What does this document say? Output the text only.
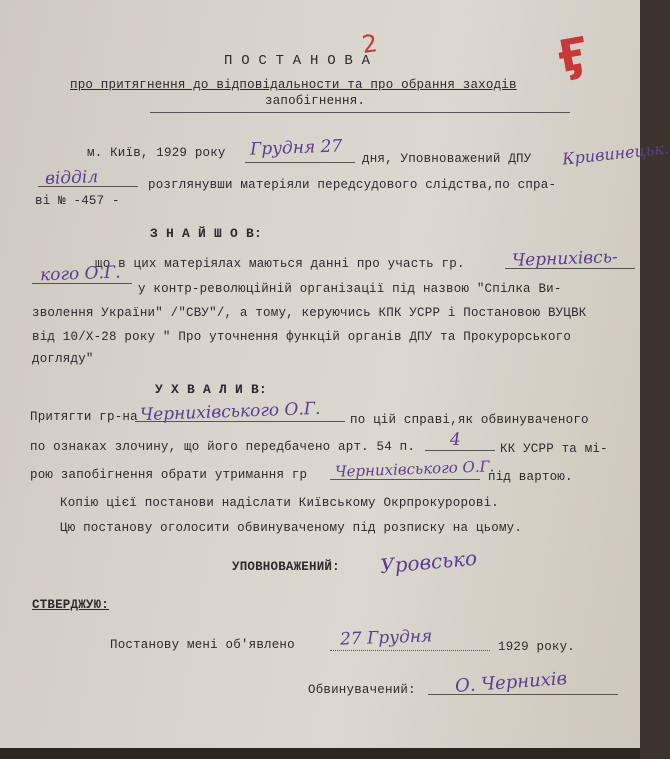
2	Ӻ
П О С Т А Н О В А
про притягнення до відповідальности та про обрання заходів
запобігнення.
м. Київ, 1929 року Грудня 27 дня, Уповноважений ДПУ Кривинецьк.
відділ	розглянувши матеріяли передсудового слідства,по спра-
ві № -457 -
З Н А Й Ш О В:
що в цих матеріялах маються данні про участь гр.	Чернихівсь-
кого О.Г.
у контр-революційній організації під назвою "Спілка Ви-
зволення України" /"СВУ"/, а тому, керуючись КПК УСРР і Постановою ВУЦВК
від 10/Х-28 року " Про уточнення функцій органів ДПУ та Прокурорського
догляду"
У Х В А Л И В:
Притягти гр-на Чернихівського О.Г. по цій справі,як обвинуваченого
по ознаках злочину, що його передбачено арт. 54 п. 4	КК УСРР та мі-
рою запобігнення обрати утримання гр Чернихівського О.Г.
під вартою.
Копію цієї постанови надіслати Київському Окрпрокуророві.
Цю постанову оголосити обвинуваченому під розписку на цьому.
УПОВНОВАЖЕНИЙ: Уровсько
СТВЕРДЖУЮ:
Постанову мені об'явлено	27 Грудня	1929 року.
Обвинувачений: О. Чернихів
